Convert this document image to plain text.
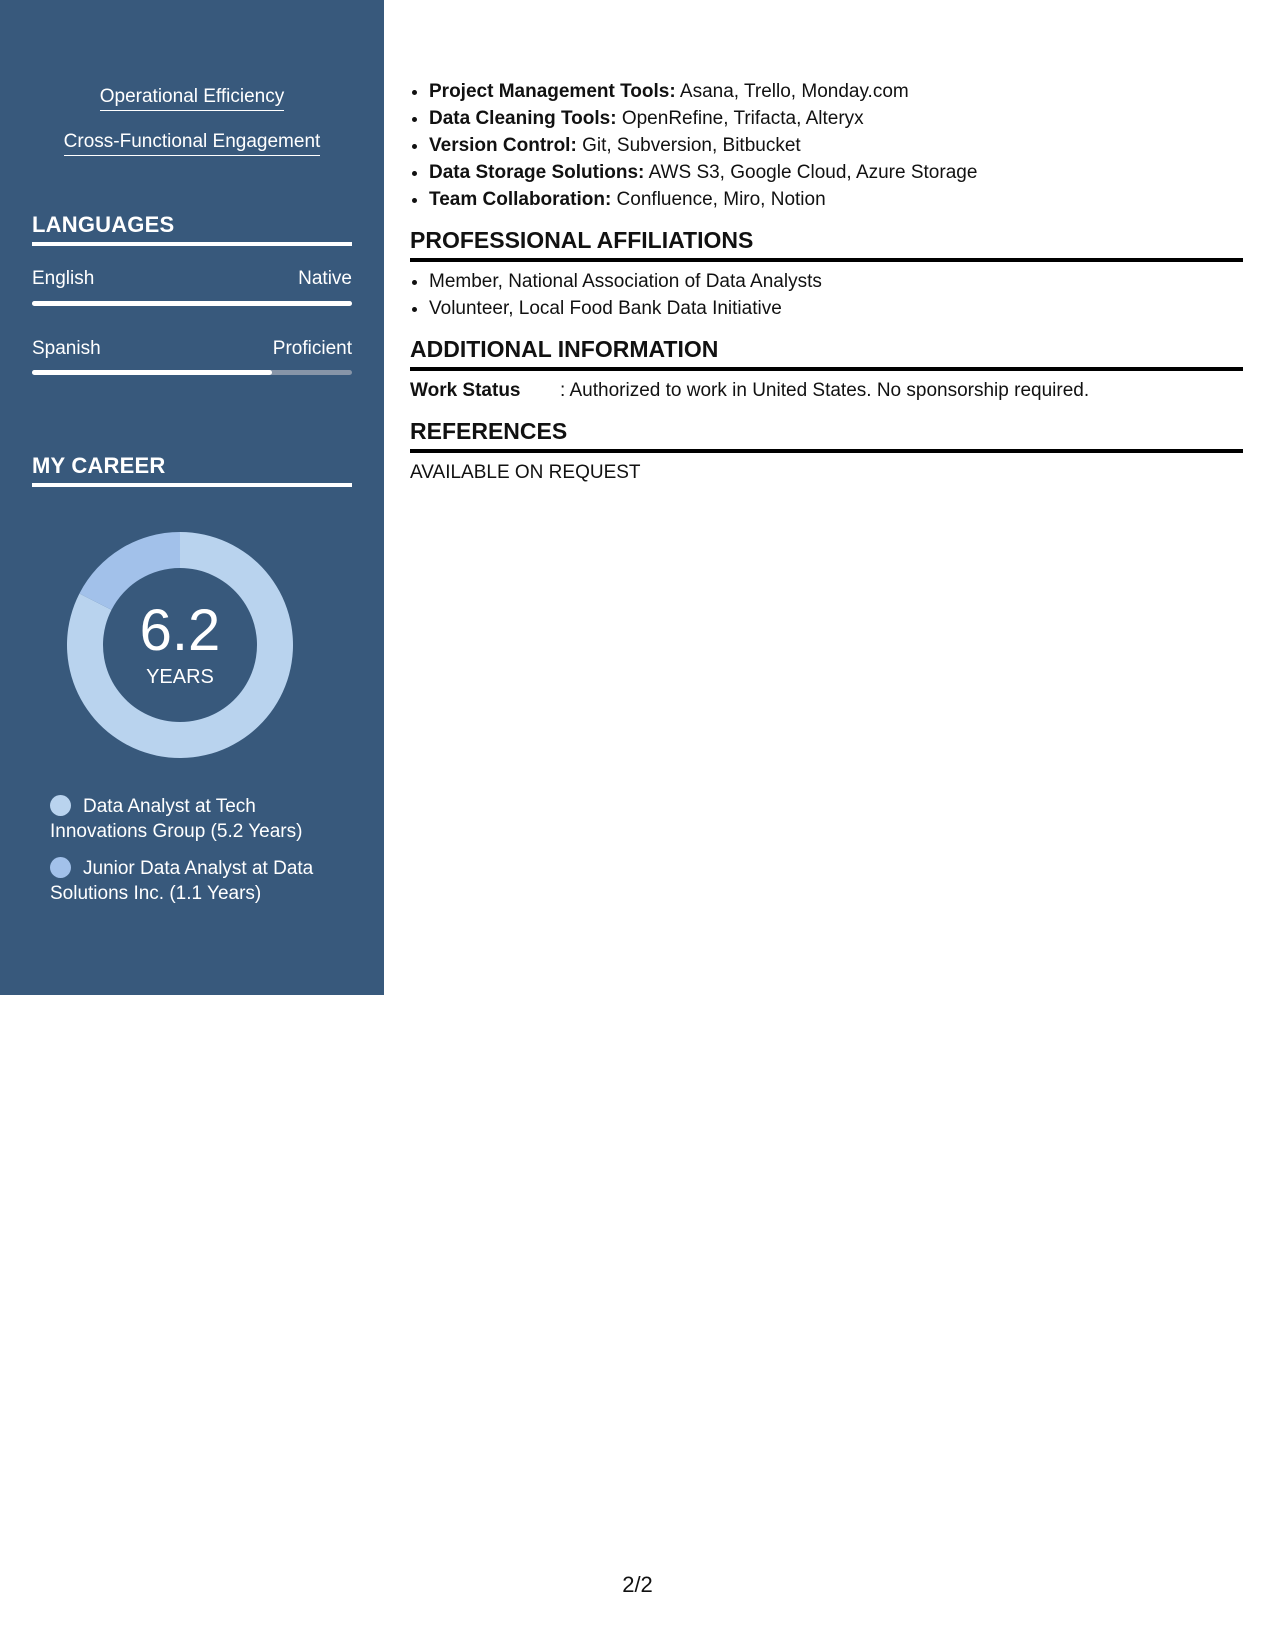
Operational Efficiency
Cross-Functional Engagement
LANGUAGES
English	Native
Spanish	Proficient
MY CAREER
6.2
YEARS
Data Analyst at Tech Innovations Group (5.2 Years)
Junior Data Analyst at Data Solutions Inc. (1.1 Years)
• Project Management Tools: Asana, Trello, Monday.com
• Data Cleaning Tools: OpenRefine, Trifacta, Alteryx
• Version Control: Git, Subversion, Bitbucket
• Data Storage Solutions: AWS S3, Google Cloud, Azure Storage
• Team Collaboration: Confluence, Miro, Notion
PROFESSIONAL AFFILIATIONS
• Member, National Association of Data Analysts
• Volunteer, Local Food Bank Data Initiative
ADDITIONAL INFORMATION
Work Status : Authorized to work in United States. No sponsorship required.
REFERENCES
AVAILABLE ON REQUEST
2/2
